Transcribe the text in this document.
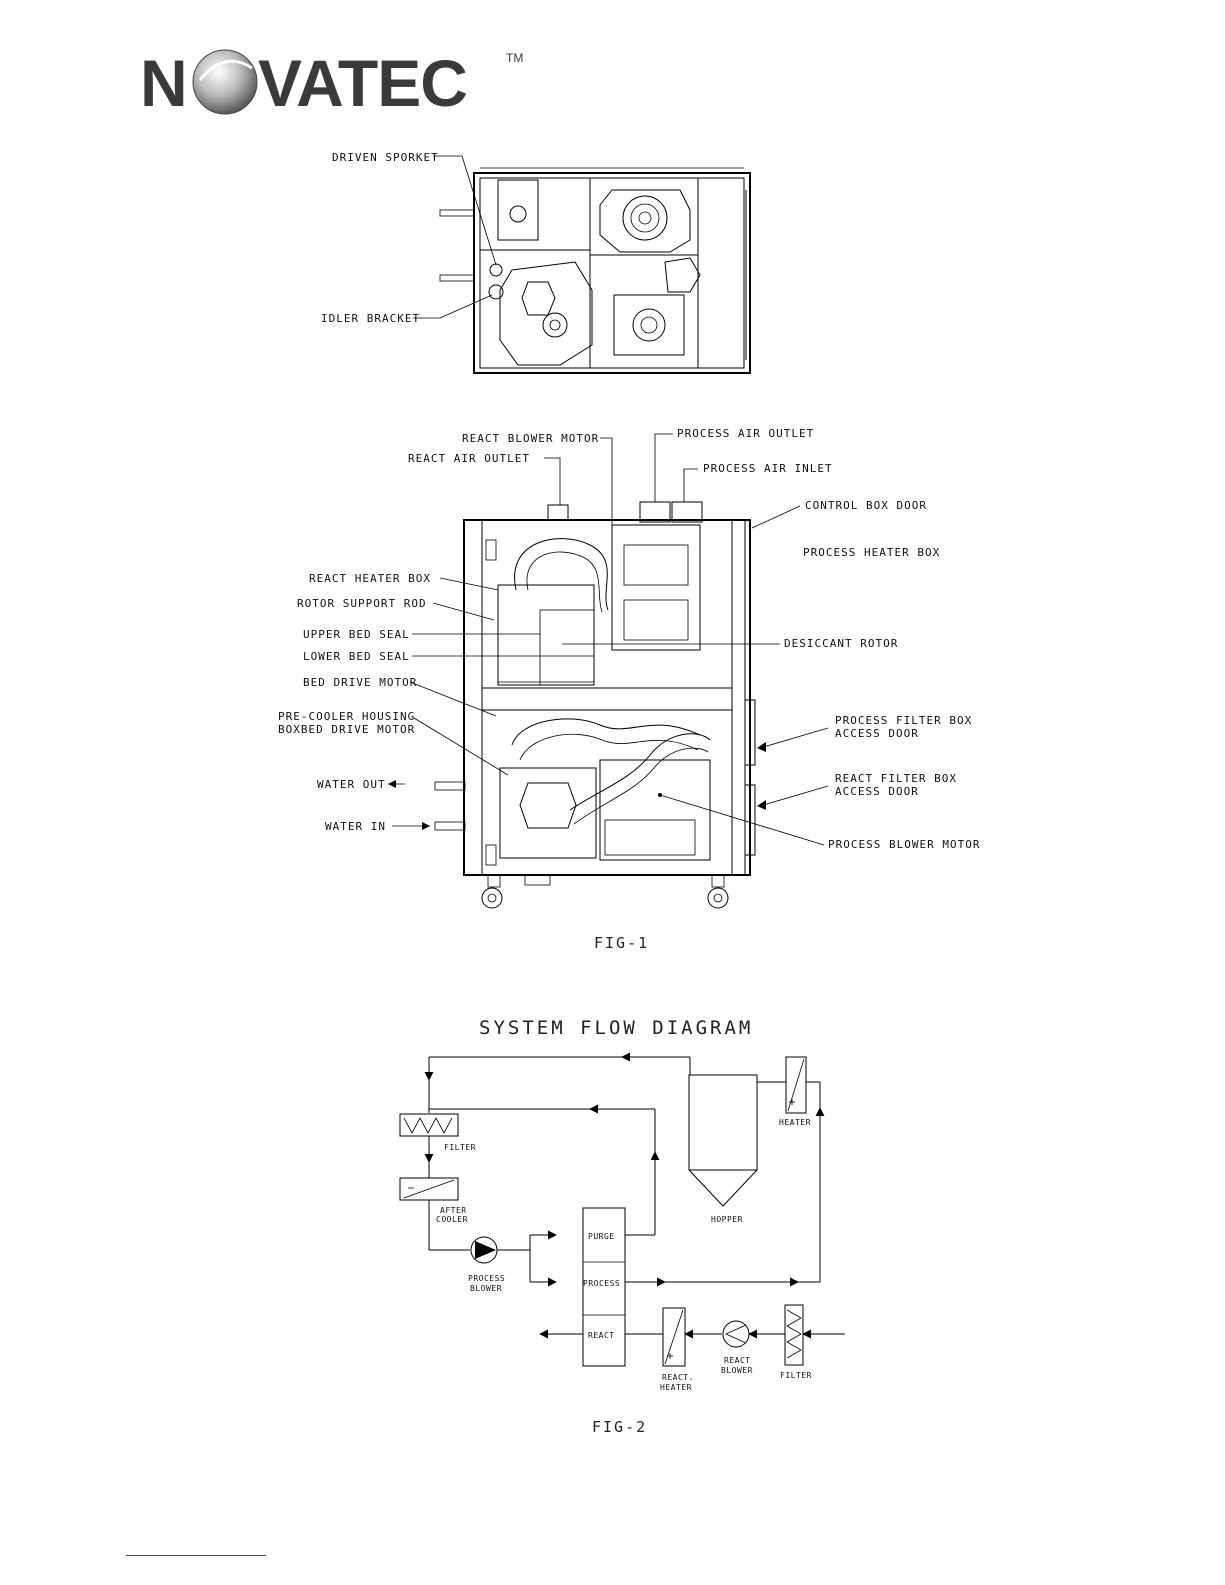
N VATEC	TM
DRIVEN SPORKET
IDLER BRACKET
REACT BLOWER MOTOR
REACT AIR OUTLET
PROCESS AIR OUTLET
PROCESS AIR INLET
CONTROL BOX DOOR
PROCESS HEATER BOX
REACT HEATER BOX
ROTOR SUPPORT ROD
UPPER BED SEAL
LOWER BED SEAL
DESICCANT ROTOR
BED DRIVE MOTOR
PRE-COOLER HOUSING
BOXBED DRIVE MOTOR
PROCESS FILTER BOX
ACCESS DOOR
REACT FILTER BOX
ACCESS DOOR
WATER OUT
WATER IN
PROCESS BLOWER MOTOR
FIG-1
SYSTEM FLOW DIAGRAM
FILTER
AFTER
COOLER
PROCESS
BLOWER
PURGE
PROCESS
REACT
HOPPER
HEATER
REACT.
HEATER
REACT
BLOWER
FILTER
FIG-2
